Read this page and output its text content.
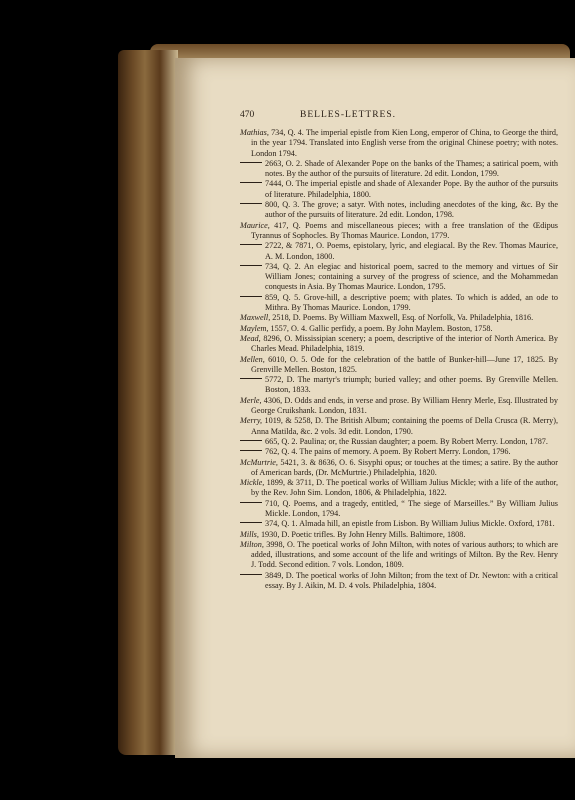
470	BELLES-LETTRES.
Mathias, 734, Q. 4. The imperial epistle from Kien Long, emperor of China, to George the third, in the year 1794. Translated into English verse from the original Chinese poetry; with notes. London 1794.
2663, O. 2. Shade of Alexander Pope on the banks of the Thames; a satirical poem, with notes. By the author of the pursuits of literature. 2d edit. London, 1799.
7444, O. The imperial epistle and shade of Alexander Pope. By the author of the pursuits of literature. Philadelphia, 1800.
800, Q. 3. The grove; a satyr. With notes, including anecdotes of the king, &c. By the author of the pursuits of literature. 2d edit. London, 1798.
Maurice, 417, Q. Poems and miscellaneous pieces; with a free translation of the Œdipus Tyrannus of Sophocles. By Thomas Maurice. London, 1779.
2722, & 7871, O. Poems, epistolary, lyric, and elegiacal. By the Rev. Thomas Maurice, A. M. London, 1800.
734, Q. 2. An elegiac and historical poem, sacred to the memory and virtues of Sir William Jones; containing a survey of the progress of science, and the Mohammedan conquests in Asia. By Thomas Maurice. London, 1795.
859, Q. 5. Grove-hill, a descriptive poem; with plates. To which is added, an ode to Mithra. By Thomas Maurice. London, 1799.
Maxwell, 2518, D. Poems. By William Maxwell, Esq. of Norfolk, Va. Philadelphia, 1816.
Maylem, 1557, O. 4. Gallic perfidy, a poem. By John Maylem. Boston, 1758.
Mead, 8296, O. Mississipian scenery; a poem, descriptive of the interior of North America. By Charles Mead. Philadelphia, 1819.
Mellen, 6010, O. 5. Ode for the celebration of the battle of Bunker-hill—June 17, 1825. By Grenville Mellen. Boston, 1825.
5772, D. The martyr's triumph; buried valley; and other poems. By Grenville Mellen. Boston, 1833.
Merle, 4306, D. Odds and ends, in verse and prose. By William Henry Merle, Esq. Illustrated by George Cruikshank. London, 1831.
Merry, 1019, & 5258, D. The British Album; containing the poems of Della Crusca (R. Merry), Anna Matilda, &c. 2 vols. 3d edit. London, 1790.
665, Q. 2. Paulina; or, the Russian daughter; a poem. By Robert Merry. London, 1787.
762, Q. 4. The pains of memory. A poem. By Robert Merry. London, 1796.
McMurtrie, 5421, 3. & 8636, O. 6. Sisyphi opus; or touches at the times; a satire. By the author of American bards, (Dr. McMurtrie.) Philadelphia, 1820.
Mickle, 1899, & 3711, D. The poetical works of William Julius Mickle; with a life of the author, by the Rev. John Sim. London, 1806, & Philadelphia, 1822.
710, Q. Poems, and a tragedy, entitled, “ The siege of Marseilles.” By William Julius Mickle. London, 1794.
374, Q. 1. Almada hill, an epistle from Lisbon. By William Julius Mickle. Oxford, 1781.
Mills, 1930, D. Poetic trifles. By John Henry Mills. Baltimore, 1808.
Milton, 3998, O. The poetical works of John Milton, with notes of various authors; to which are added, illustrations, and some account of the life and writings of Milton. By the Rev. Henry J. Todd. Second edition. 7 vols. London, 1809.
3849, D. The poetical works of John Milton; from the text of Dr. Newton: with a critical essay. By J. Aikin, M. D. 4 vols. Philadelphia, 1804.
